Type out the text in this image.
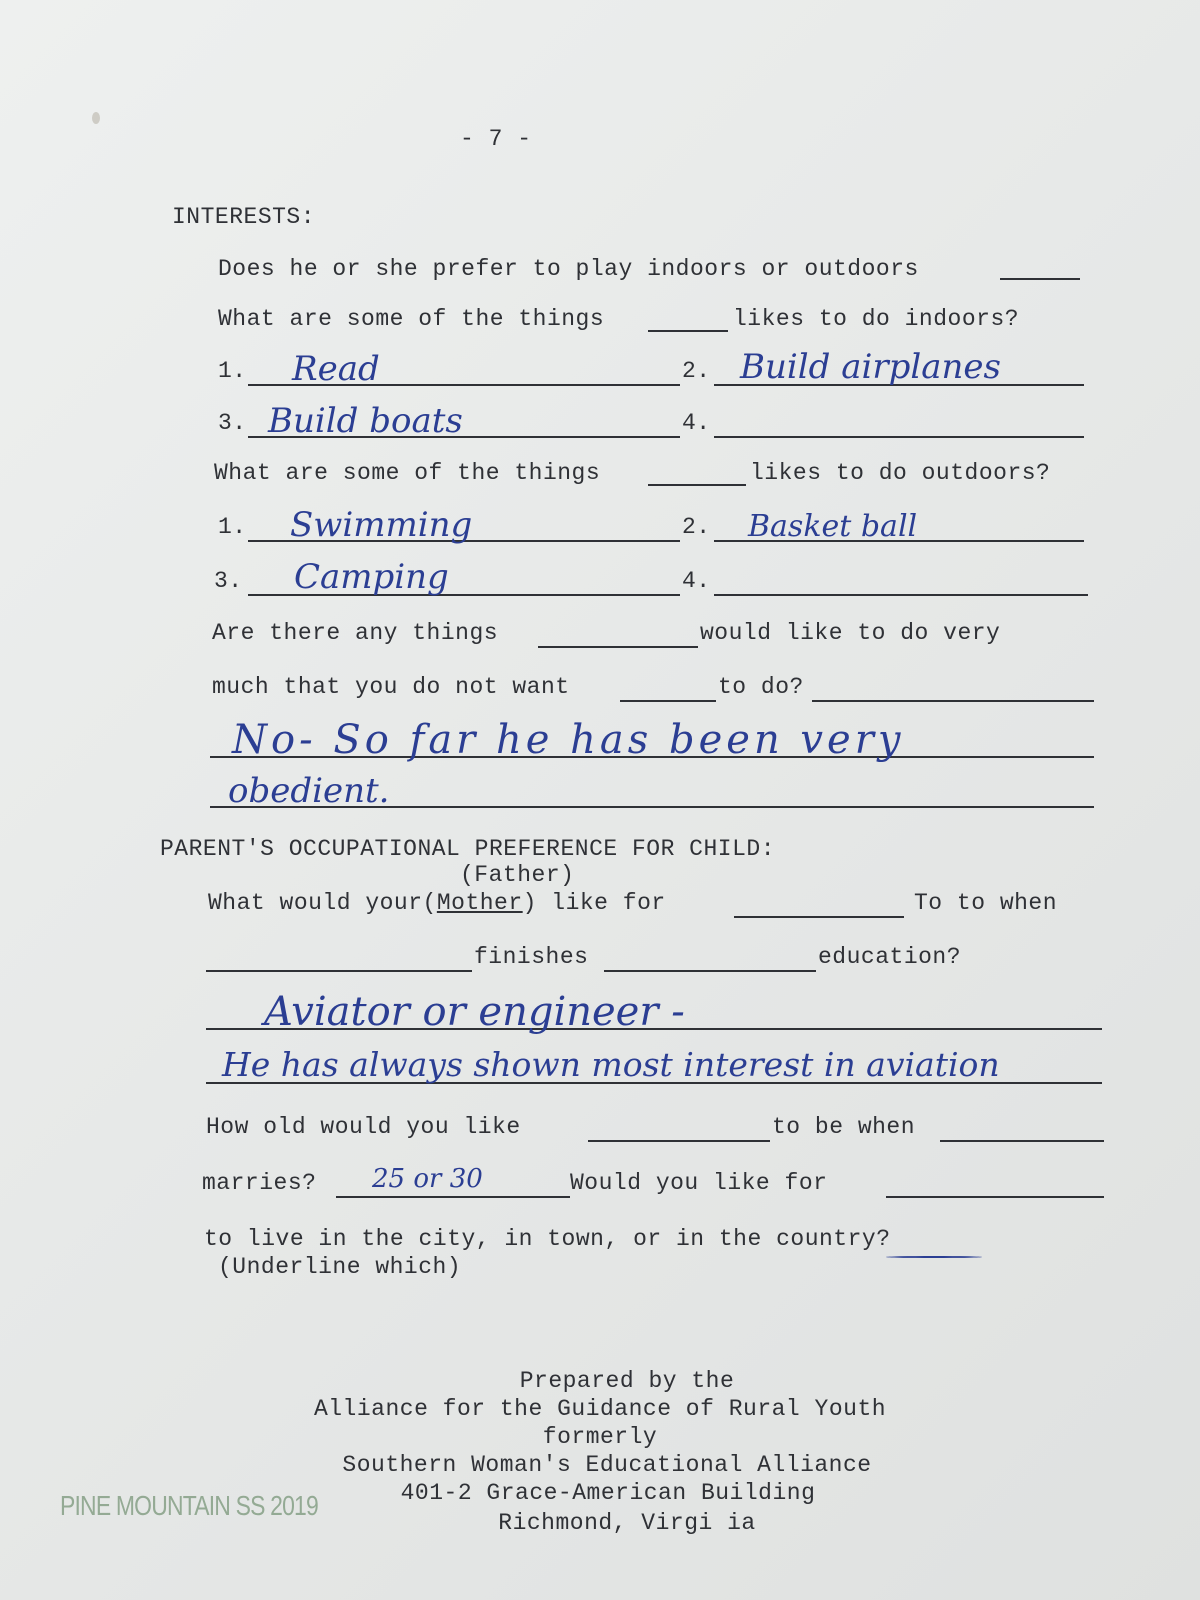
- 7 -
INTERESTS:
Does he or she prefer to play indoors or outdoors
What are some of the things	likes to do indoors?
1. Read	2. Build airplanes
3. Build boats	4.
What are some of the things	likes to do outdoors?
1. Swimming	2. Basket ball
3. Camping	4.
Are there any things	would like to do very
much that you do not want	to do?
No- So far he has been very
obedient.
PARENT'S OCCUPATIONAL PREFERENCE FOR CHILD:
(Father)
What would your(Mother) like for	To to when
finishes	education?
Aviator or engineer -
He has always shown most interest in aviation
How old would you like	to be when
marries? 25 or 30	Would you like for
to live in the city, in town, or in the country?
(Underline which)
Prepared by the
Alliance for the Guidance of Rural Youth
formerly
Southern Woman's Educational Alliance
401-2 Grace-American Building
Richmond, Virgi ia
PINE MOUNTAIN SS 2019
